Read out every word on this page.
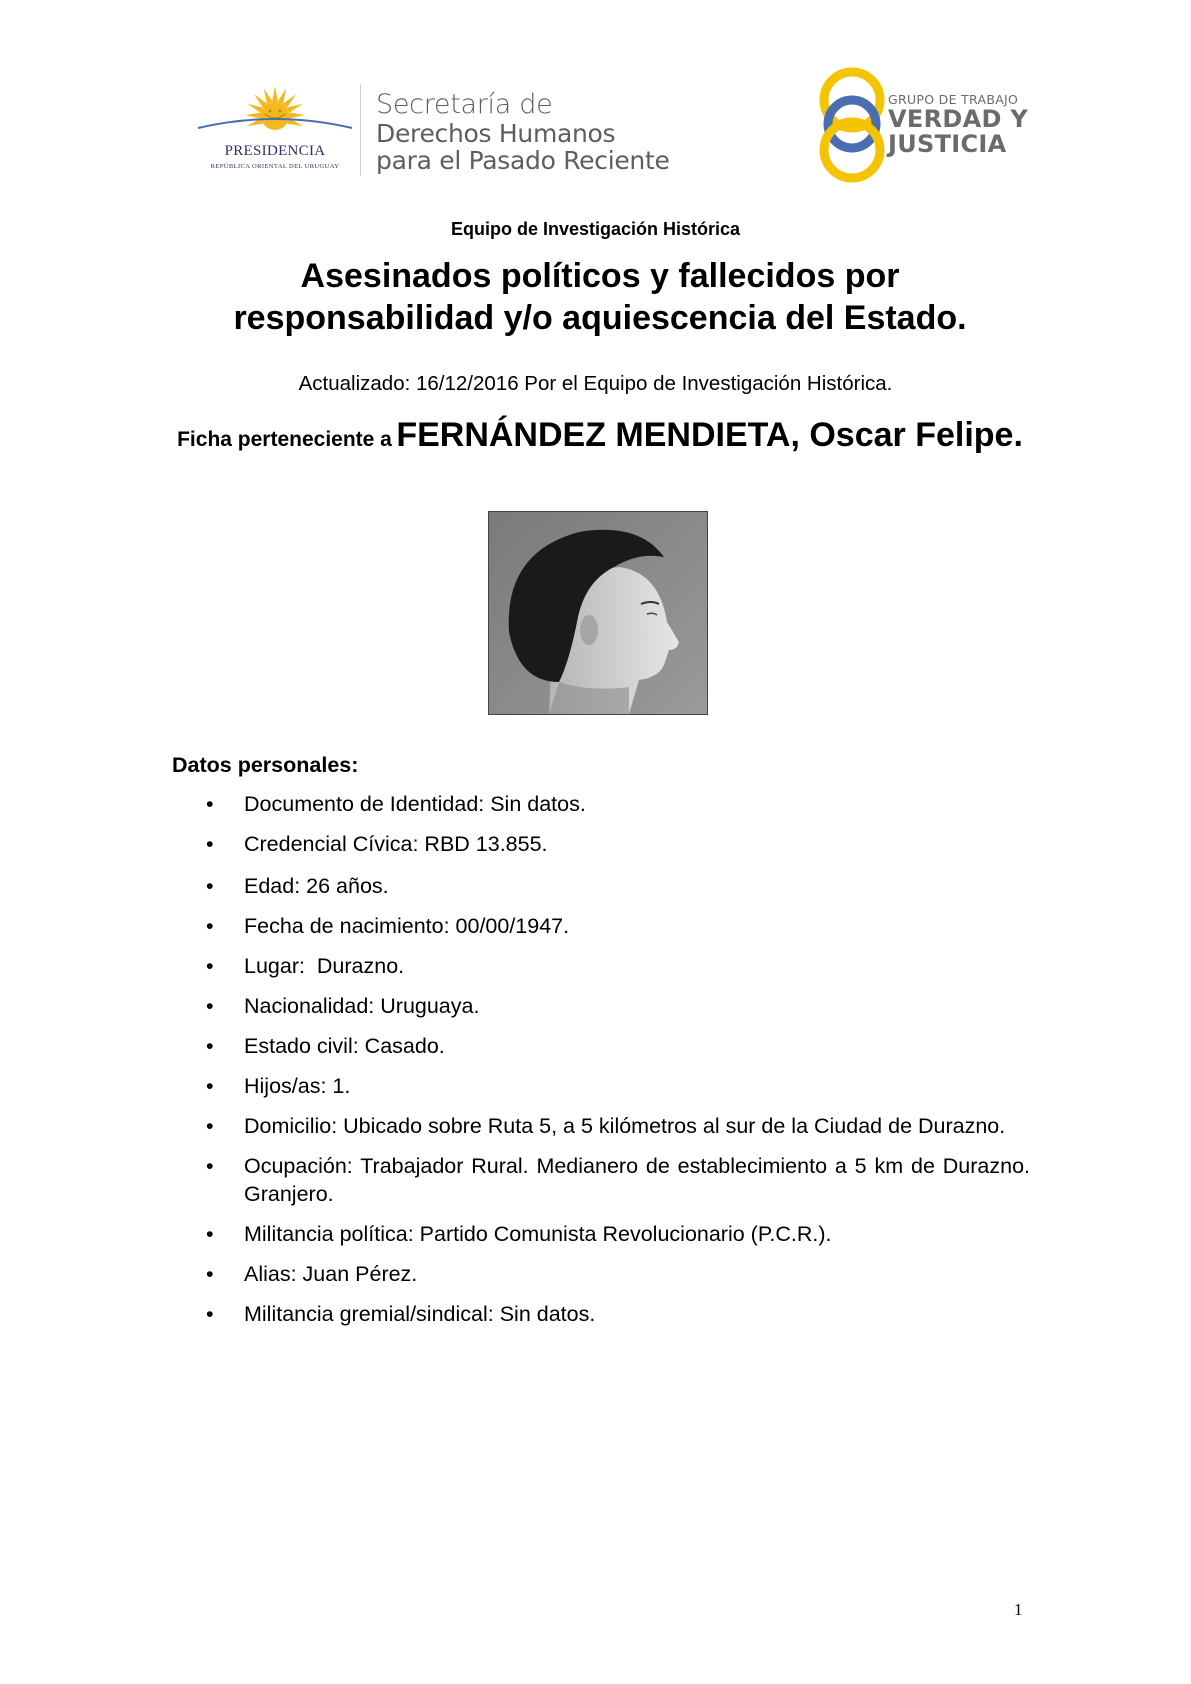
PRESIDENCIA
REPÚBLICA ORIENTAL DEL URUGUAY
Secretaría de
Derechos Humanos
para el Pasado Reciente
GRUPO DE TRABAJO
VERDAD Y
JUSTICIA
Equipo de Investigación Histórica
Asesinados políticos y fallecidos por
responsabilidad y/o aquiescencia del Estado.
Actualizado: 16/12/2016 Por el Equipo de Investigación Histórica.
Ficha perteneciente a FERNÁNDEZ MENDIETA, Oscar Felipe.
Datos personales:
• Documento de Identidad: Sin datos.
• Credencial Cívica: RBD 13.855.
• Edad: 26 años.
• Fecha de nacimiento: 00/00/1947.
• Lugar:  Durazno.
• Nacionalidad: Uruguaya.
• Estado civil: Casado.
• Hijos/as: 1.
• Domicilio: Ubicado sobre Ruta 5, a 5 kilómetros al sur de la Ciudad de Durazno.
• Ocupación: Trabajador Rural. Medianero de establecimiento a 5 km de Durazno. Granjero.
• Militancia política: Partido Comunista Revolucionario (P.C.R.).
• Alias: Juan Pérez.
• Militancia gremial/sindical: Sin datos.
1
